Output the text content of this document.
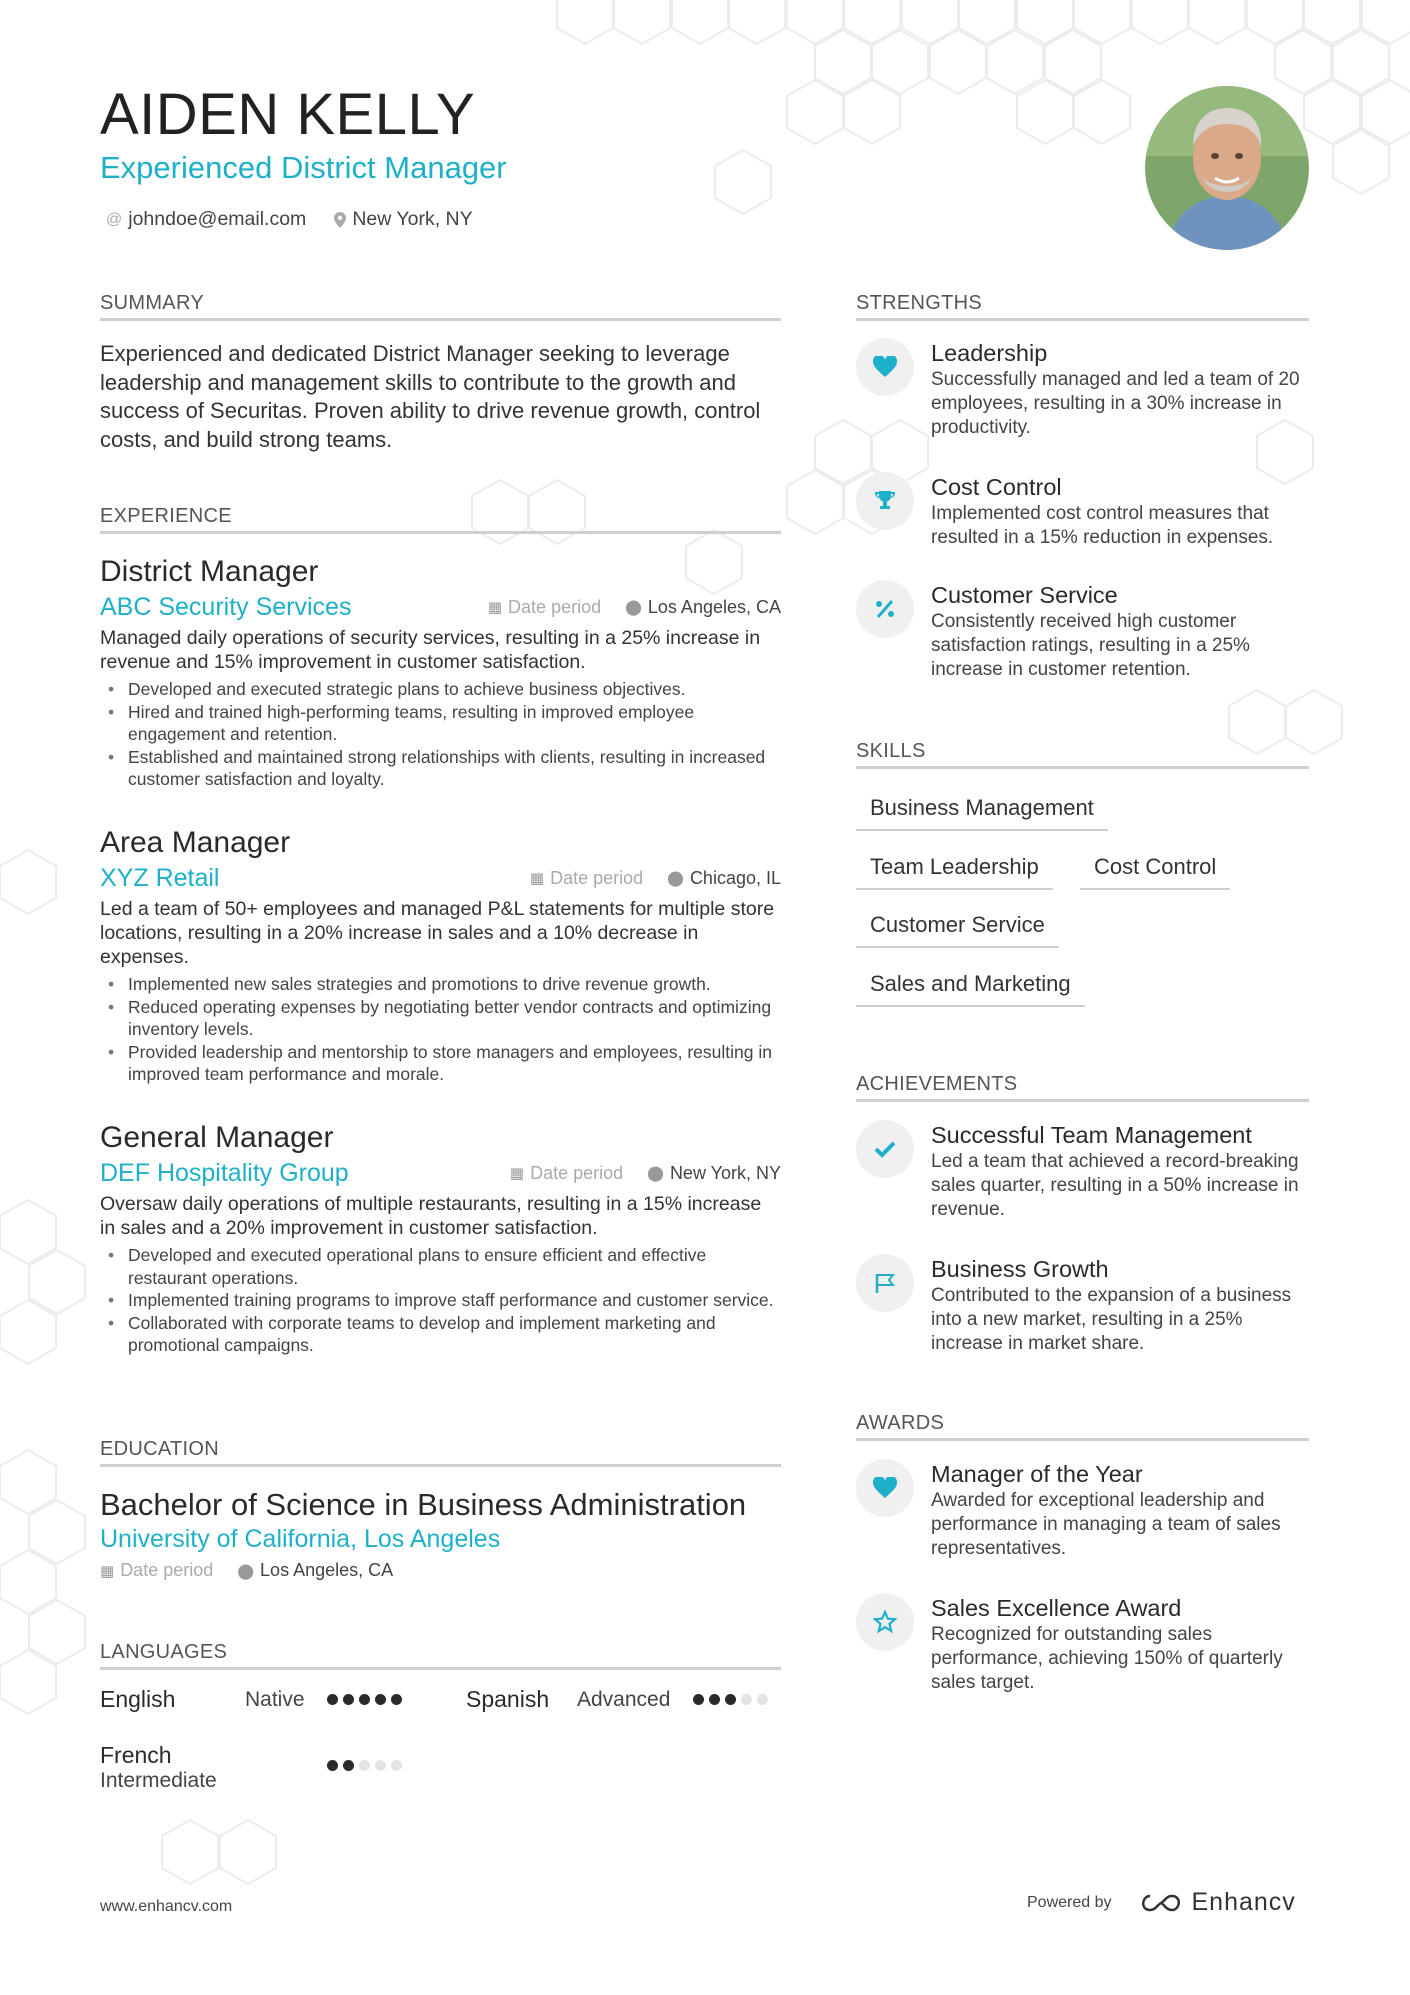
AIDEN KELLY
Experienced District Manager
@ johndoe@email.com New York, NY
SUMMARY
Experienced and dedicated District Manager seeking to leverage leadership and management skills to contribute to the growth and success of Securitas. Proven ability to drive revenue growth, control costs, and build strong teams.
EXPERIENCE
District Manager
ABC Security Services	▦ Date period ⬤ Los Angeles, CA
Managed daily operations of security services, resulting in a 25% increase in revenue and 15% improvement in customer satisfaction.
• Developed and executed strategic plans to achieve business objectives.
• Hired and trained high-performing teams, resulting in improved employee engagement and retention.
• Established and maintained strong relationships with clients, resulting in increased customer satisfaction and loyalty.
Area Manager
XYZ Retail	▦ Date period ⬤ Chicago, IL
Led a team of 50+ employees and managed P&L statements for multiple store locations, resulting in a 20% increase in sales and a 10% decrease in expenses.
• Implemented new sales strategies and promotions to drive revenue growth.
• Reduced operating expenses by negotiating better vendor contracts and optimizing inventory levels.
• Provided leadership and mentorship to store managers and employees, resulting in improved team performance and morale.
General Manager
DEF Hospitality Group	▦ Date period ⬤ New York, NY
Oversaw daily operations of multiple restaurants, resulting in a 15% increase in sales and a 20% improvement in customer satisfaction.
• Developed and executed operational plans to ensure efficient and effective restaurant operations.
• Implemented training programs to improve staff performance and customer service.
• Collaborated with corporate teams to develop and implement marketing and promotional campaigns.
EDUCATION
Bachelor of Science in Business Administration
University of California, Los Angeles
▦ Date period ⬤ Los Angeles, CA
LANGUAGES
English	Native	Spanish	Advanced
French
Intermediate
STRENGTHS
Leadership
Successfully managed and led a team of 20 employees, resulting in a 30% increase in productivity.
Cost Control
Implemented cost control measures that resulted in a 15% reduction in expenses.
Customer Service
Consistently received high customer satisfaction ratings, resulting in a 25% increase in customer retention.
SKILLS
Business Management
Team Leadership	Cost Control
Customer Service
Sales and Marketing
ACHIEVEMENTS
Successful Team Management
Led a team that achieved a record-breaking sales quarter, resulting in a 50% increase in revenue.
Business Growth
Contributed to the expansion of a business into a new market, resulting in a 25% increase in market share.
AWARDS
Manager of the Year
Awarded for exceptional leadership and performance in managing a team of sales representatives.
Sales Excellence Award
Recognized for outstanding sales performance, achieving 150% of quarterly sales target.
www.enhancv.com	Powered by	Enhancv
